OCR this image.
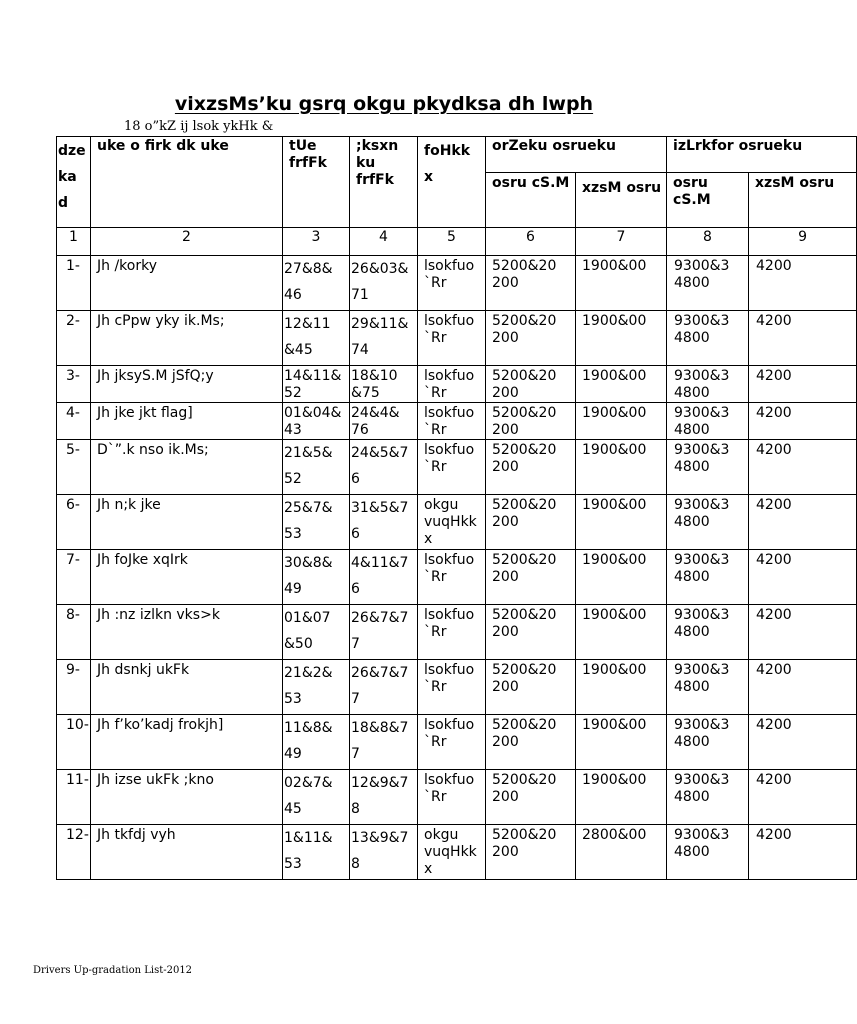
vixzsMs’ku gsrq okgu pkydksa dh lwph
18 o”kZ ij lsok ykHk &
dze ka d	uke o firk dk uke	tUe frfFk	;ksxn ku frfFk	foHkk x	orZeku osrueku		izLrkfor osrueku	
					osru cS.M	xzsM osru	osru cS.M	xzsM osru
1	2	3	4	5	6	7	8	9
1-	Jh /korky	27&8& 46	26&03& 71	lsokfuo `Rr	5200&20 200	1900&00	9300&3 4800	4200
2-	Jh cPpw yky ik.Ms;	12&11 &45	29&11& 74	lsokfuo `Rr	5200&20 200	1900&00	9300&3 4800	4200
3-	Jh jksyS.M jSfQ;y	14&11& 52	18&10 &75	lsokfuo `Rr	5200&20 200	1900&00	9300&3 4800	4200
4-	Jh jke jkt flag]	01&04& 43	24&4& 76	lsokfuo `Rr	5200&20 200	1900&00	9300&3 4800	4200
5-	D`”.k nso ik.Ms;	21&5& 52	24&5&7 6	lsokfuo `Rr	5200&20 200	1900&00	9300&3 4800	4200
6-	Jh n;k jke	25&7& 53	31&5&7 6	okgu vuqHkk x	5200&20 200	1900&00	9300&3 4800	4200
7-	Jh foJke xqIrk	30&8& 49	4&11&7 6	lsokfuo `Rr	5200&20 200	1900&00	9300&3 4800	4200
8-	Jh :nz izlkn vks>k	01&07 &50	26&7&7 7	lsokfuo `Rr	5200&20 200	1900&00	9300&3 4800	4200
9-	Jh dsnkj ukFk	21&2& 53	26&7&7 7	lsokfuo `Rr	5200&20 200	1900&00	9300&3 4800	4200
10-	Jh f’ko’kadj frokjh]	11&8& 49	18&8&7 7	lsokfuo `Rr	5200&20 200	1900&00	9300&3 4800	4200
11-	Jh izse ukFk ;kno	02&7& 45	12&9&7 8	lsokfuo `Rr	5200&20 200	1900&00	9300&3 4800	4200
12-	Jh tkfdj vyh	1&11& 53	13&9&7 8	okgu vuqHkk x	5200&20 200	2800&00	9300&3 4800	4200
Drivers Up-gradation List-2012
